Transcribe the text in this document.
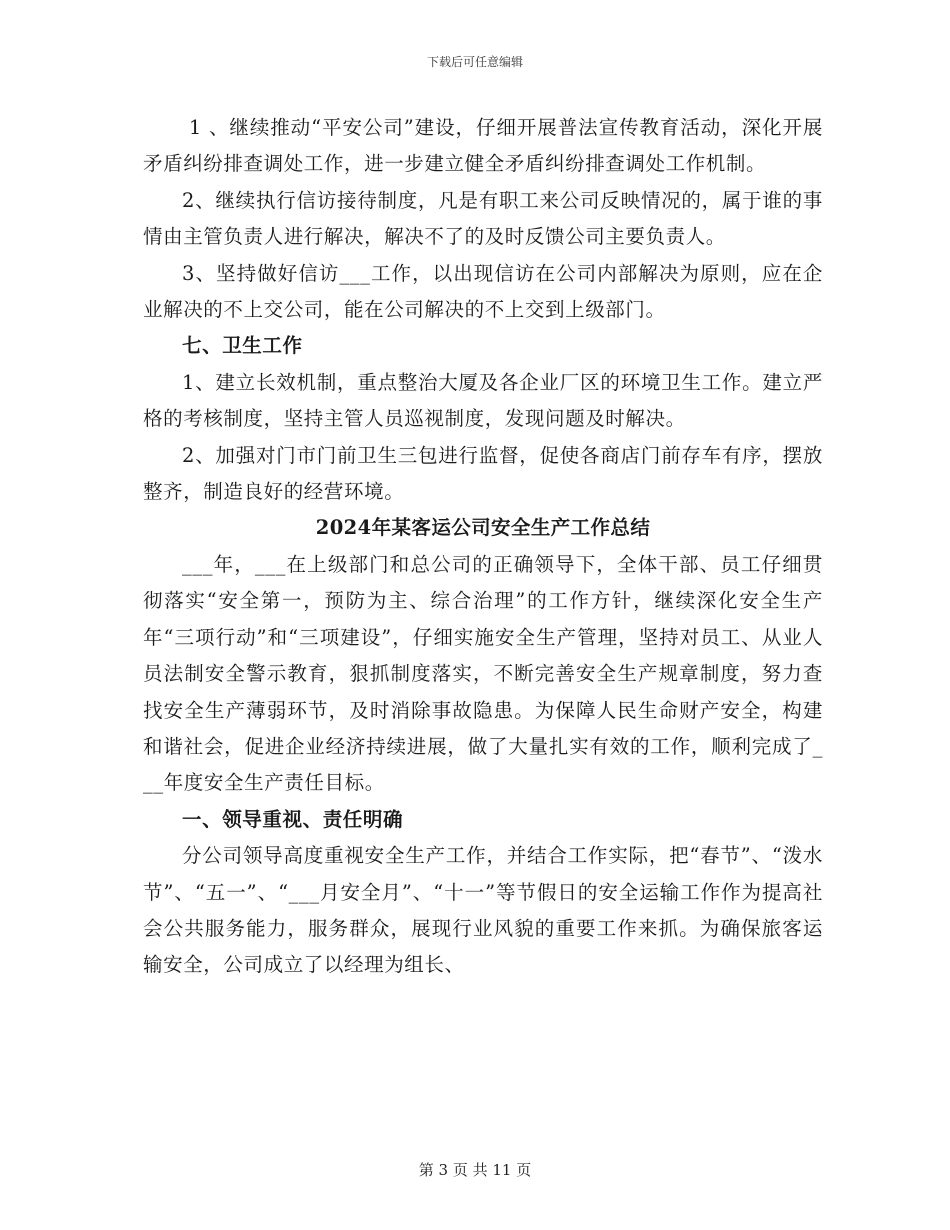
下载后可任意编辑

1 、继续推动“平安公司”建设，仔细开展普法宣传教育活动，深化开展矛盾纠纷排查调处工作，进一步建立健全矛盾纠纷排查调处工作机制。

2、继续执行信访接待制度，凡是有职工来公司反映情况的，属于谁的事情由主管负责人进行解决，解决不了的及时反馈公司主要负责人。

3、坚持做好信访___工作，以出现信访在公司内部解决为原则，应在企业解决的不上交公司，能在公司解决的不上交到上级部门。

七、卫生工作

1、建立长效机制，重点整治大厦及各企业厂区的环境卫生工作。建立严格的考核制度，坚持主管人员巡视制度，发现问题及时解决。

2、加强对门市门前卫生三包进行监督，促使各商店门前存车有序，摆放整齐，制造良好的经营环境。

2024年某客运公司安全生产工作总结

___年，___在上级部门和总公司的正确领导下，全体干部、员工仔细贯彻落实“安全第一，预防为主、综合治理”的工作方针，继续深化安全生产年“三项行动”和“三项建设”，仔细实施安全生产管理，坚持对员工、从业人员法制安全警示教育，狠抓制度落实，不断完善安全生产规章制度，努力查找安全生产薄弱环节，及时消除事故隐患。为保障人民生命财产安全，构建和谐社会，促进企业经济持续进展，做了大量扎实有效的工作，顺利完成了___年度安全生产责任目标。

一、领导重视、责任明确

分公司领导高度重视安全生产工作，并结合工作实际，把“春节”、“泼水节”、“五一”、“___月安全月”、“十一”等节假日的安全运输工作作为提高社会公共服务能力，服务群众，展现行业风貌的重要工作来抓。为确保旅客运输安全，公司成立了以经理为组长、

第 3 页 共 11 页
